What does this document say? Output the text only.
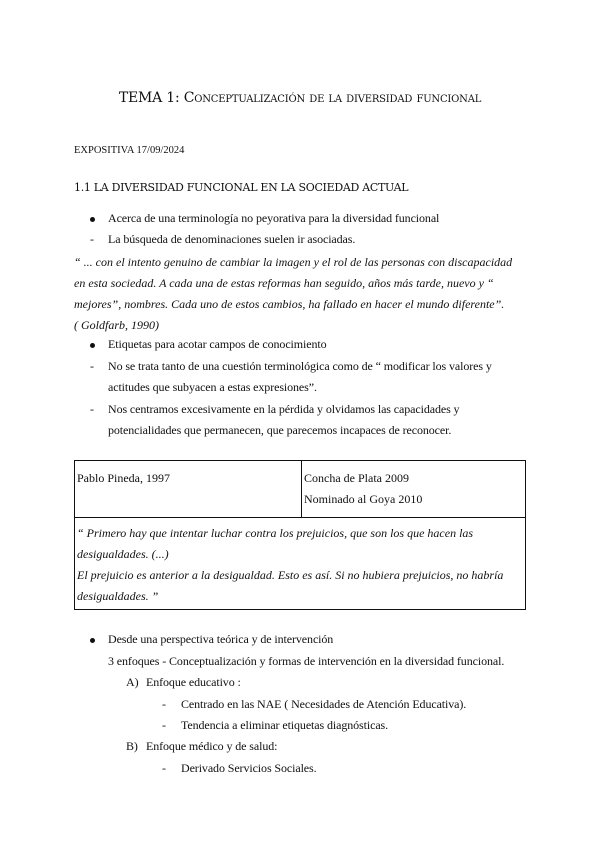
TEMA 1: Conceptualización de la diversidad funcional

EXPOSITIVA 17/09/2024

1.1 LA DIVERSIDAD FUNCIONAL EN LA SOCIEDAD ACTUAL

Acerca de una terminología no peyorativa para la diversidad funcional

- La búsqueda de denominaciones suelen ir asociadas.

“ ... con el intento genuino de cambiar la imagen y el rol de las personas con discapacidad
en esta sociedad. A cada una de estas reformas han seguido, años más tarde, nuevo y “
mejores”, nombres. Cada uno de estos cambios, ha fallado en hacer el mundo diferente”.
( Goldfarb, 1990)

Etiquetas para acotar campos de conocimiento

- No se trata tanto de una cuestión terminológica como de “ modificar los valores y

actitudes que subyacen a estas expresiones”.

- Nos centramos excesivamente en la pérdida y olvidamos las capacidades y

potencialidades que permanecen, que parecemos incapaces de reconocer.

Pablo Pineda, 1997	Concha de Plata 2009
Nominado al Goya 2010
“ Primero hay que intentar luchar contra los prejuicios, que son los que hacen las
desigualdades. (...)
El prejuicio es anterior a la desigualdad. Esto es así. Si no hubiera prejuicios, no habría
desigualdades. ”

Desde una perspectiva teórica y de intervención

3 enfoques - Conceptualización y formas de intervención en la diversidad funcional.

A) Enfoque educativo :

- Centrado en las NAE ( Necesidades de Atención Educativa).

- Tendencia a eliminar etiquetas diagnósticas.

B) Enfoque médico y de salud:

- Derivado Servicios Sociales.
